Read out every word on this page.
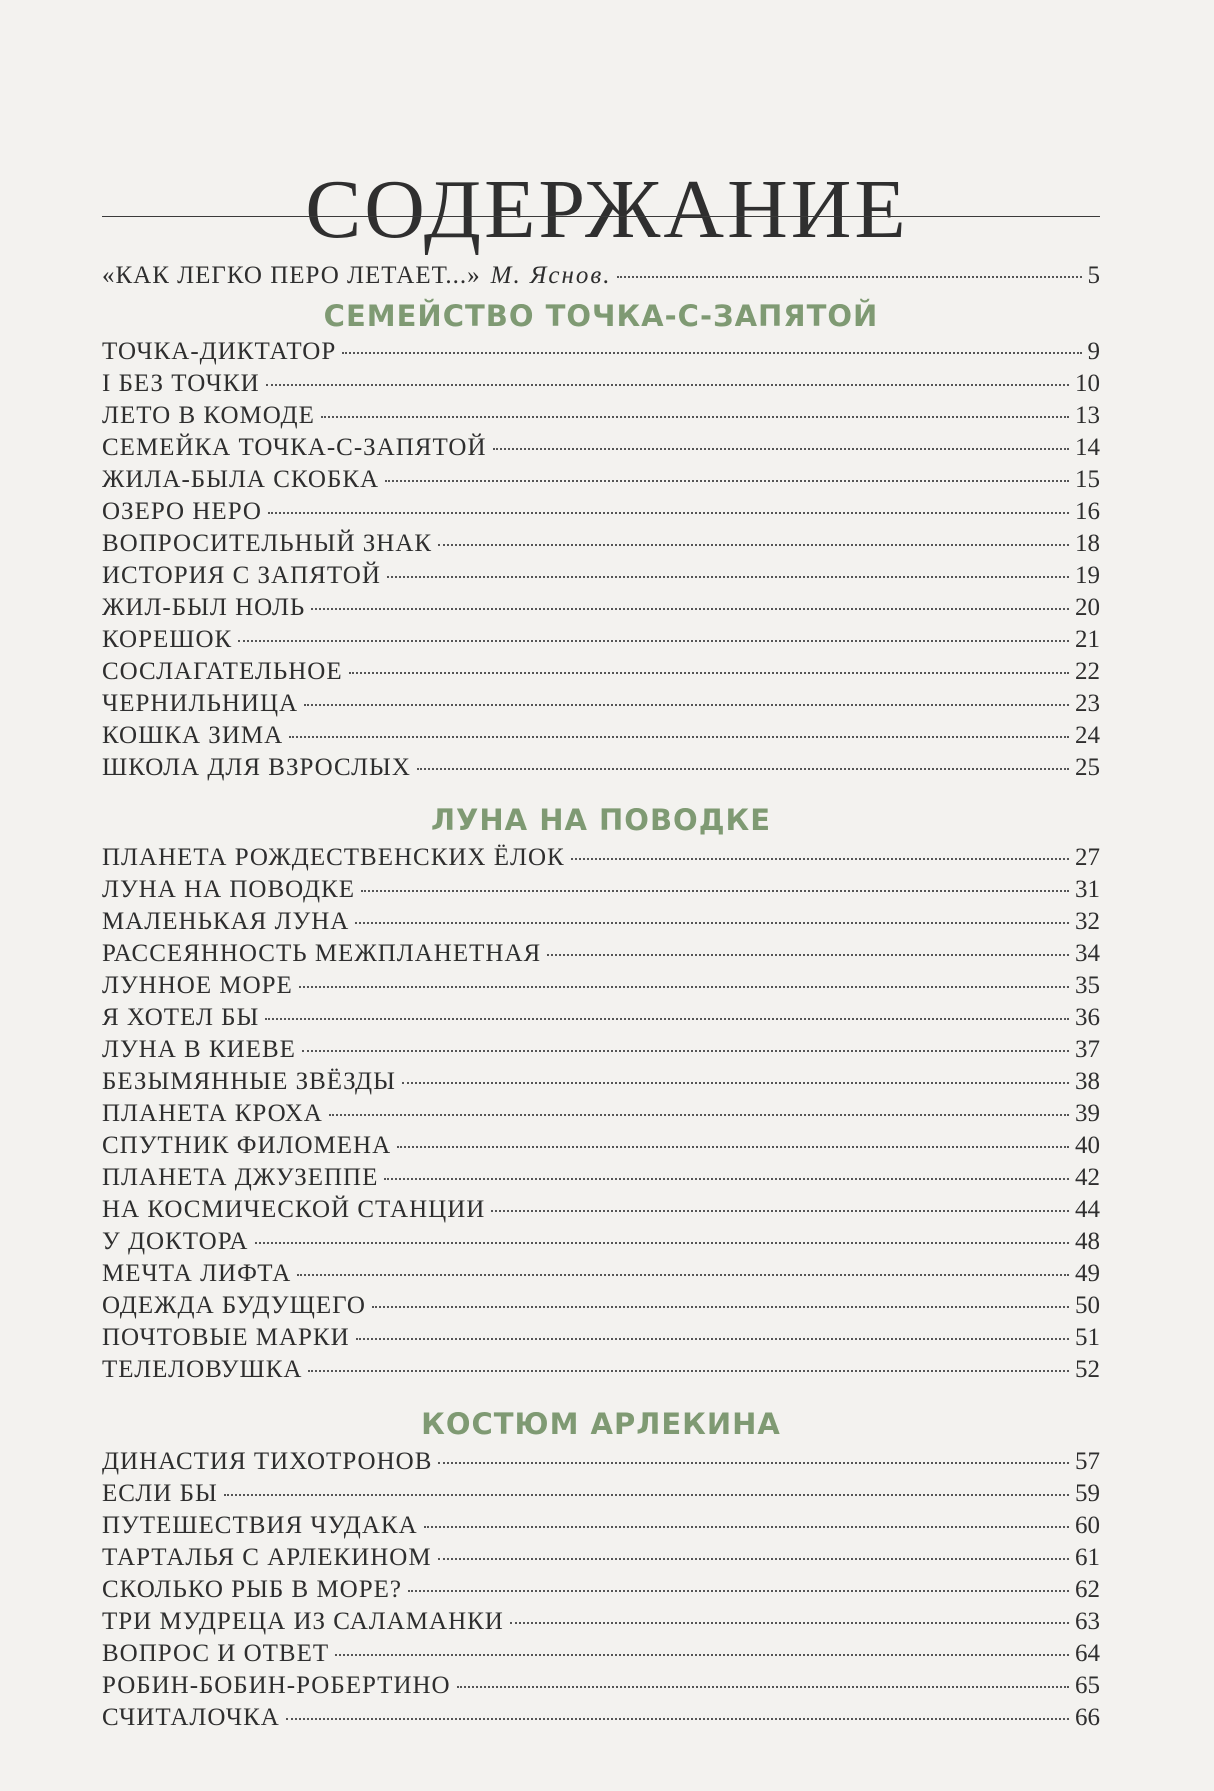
СОДЕРЖАНИЕ
«КАК ЛЕГКО ПЕРО ЛЕТАЕТ...» М. Яснов.	5
СЕМЕЙСТВО ТОЧКА-С-ЗАПЯТОЙ
ТОЧКА-ДИКТАТОР	9
I БЕЗ ТОЧКИ	10
ЛЕТО В КОМОДЕ	13
СЕМЕЙКА ТОЧКА-С-ЗАПЯТОЙ	14
ЖИЛА-БЫЛА СКОБКА	15
ОЗЕРО НЕРО	16
ВОПРОСИТЕЛЬНЫЙ ЗНАК	18
ИСТОРИЯ С ЗАПЯТОЙ	19
ЖИЛ-БЫЛ НОЛЬ	20
КОРЕШОК	21
СОСЛАГАТЕЛЬНОЕ	22
ЧЕРНИЛЬНИЦА	23
КОШКА ЗИМА	24
ШКОЛА ДЛЯ ВЗРОСЛЫХ	25
ЛУНА НА ПОВОДКЕ
ПЛАНЕТА РОЖДЕСТВЕНСКИХ ЁЛОК	27
ЛУНА НА ПОВОДКЕ	31
МАЛЕНЬКАЯ ЛУНА	32
РАССЕЯННОСТЬ МЕЖПЛАНЕТНАЯ	34
ЛУННОЕ МОРЕ	35
Я ХОТЕЛ БЫ	36
ЛУНА В КИЕВЕ	37
БЕЗЫМЯННЫЕ ЗВЁЗДЫ	38
ПЛАНЕТА КРОХА	39
СПУТНИК ФИЛОМЕНА	40
ПЛАНЕТА ДЖУЗЕППЕ	42
НА КОСМИЧЕСКОЙ СТАНЦИИ	44
У ДОКТОРА	48
МЕЧТА ЛИФТА	49
ОДЕЖДА БУДУЩЕГО	50
ПОЧТОВЫЕ МАРКИ	51
ТЕЛЕЛОВУШКА	52
КОСТЮМ АРЛЕКИНА
ДИНАСТИЯ ТИХОТРОНОВ	57
ЕСЛИ БЫ	59
ПУТЕШЕСТВИЯ ЧУДАКА	60
ТАРТАЛЬЯ С АРЛЕКИНОМ	61
СКОЛЬКО РЫБ В МОРЕ?	62
ТРИ МУДРЕЦА ИЗ САЛАМАНКИ	63
ВОПРОС И ОТВЕТ	64
РОБИН-БОБИН-РОБЕРТИНО	65
СЧИТАЛОЧКА	66
